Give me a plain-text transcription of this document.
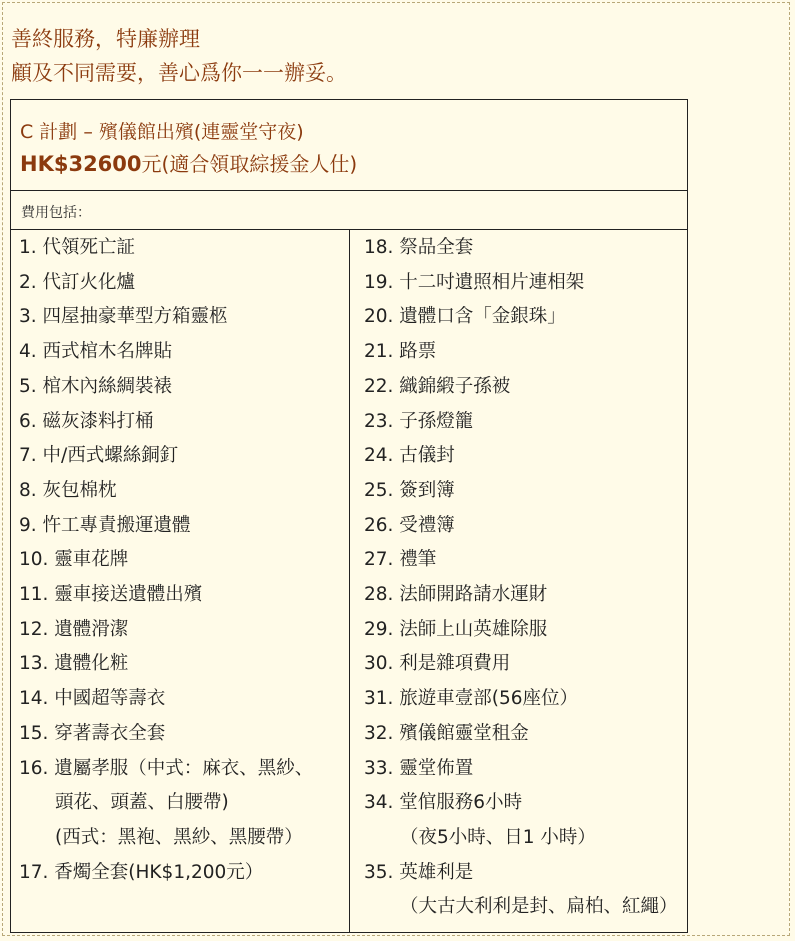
善終服務，特廉辦理
顧及不同需要，善心爲你一一辦妥。
C 計劃 – 殯儀館出殯(連靈堂守夜)
HK$32600元(適合領取綜援金人仕)
費用包括：
1. 代領死亡証
2. 代訂火化爐
3. 四屋抽豪華型方箱靈柩
4. 西式棺木名牌貼
5. 棺木內絲綢裝裱
6. 磁灰漆料打桶
7. 中/西式螺絲銅釘
8. 灰包棉枕
9. 忤工專責搬運遺體
10. 靈車花牌
11. 靈車接送遺體出殯
12. 遺體滑潔
13. 遺體化粧
14. 中國超等壽衣
15. 穿著壽衣全套
16. 遺屬孝服（中式：麻衣、黑紗、
頭花、頭蓋、白腰帶)
(西式：黑袍、黑紗、黑腰帶）
17. 香燭全套(HK$1,200元）
18. 祭品全套
19. 十二吋遺照相片連相架
20. 遺體口含「金銀珠」
21. 路票
22. 織錦緞子孫被
23. 子孫燈籠
24. 古儀封
25. 簽到簿
26. 受禮簿
27. 禮筆
28. 法師開路請水運財
29. 法師上山英雄除服
30. 利是雜項費用
31. 旅遊車壹部(56座位）
32. 殯儀館靈堂租金
33. 靈堂佈置
34. 堂倌服務6小時
（夜5小時、日1 小時）
35. 英雄利是
（大古大利利是封、扁柏、紅繩）
